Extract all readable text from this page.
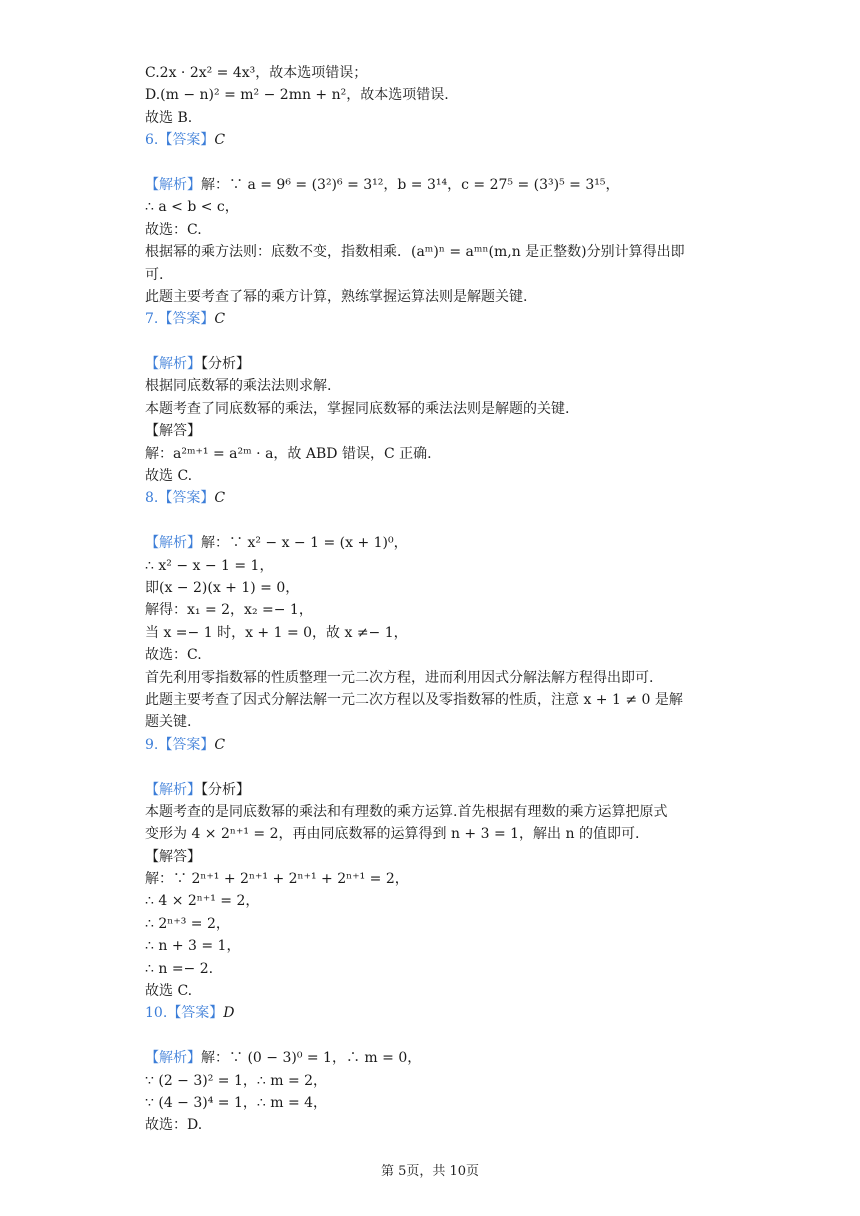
C.2x · 2x² = 4x³，故本选项错误；
D.(m − n)² = m² − 2mn + n²，故本选项错误.
故选 B.
6.【答案】C
【解析】解：∵ a = 9⁶ = (3²)⁶ = 3¹²，b = 3¹⁴，c = 27⁵ = (3³)⁵ = 3¹⁵，
∴ a < b < c，
故选：C.
根据幂的乘方法则：底数不变，指数相乘．(aᵐ)ⁿ = aᵐⁿ(m,n 是正整数)分别计算得出即
可.
此题主要考查了幂的乘方计算，熟练掌握运算法则是解题关键.
7.【答案】C
【解析】【分析】
根据同底数幂的乘法法则求解.
本题考查了同底数幂的乘法，掌握同底数幂的乘法法则是解题的关键.
【解答】
解：a²ᵐ⁺¹ = a²ᵐ · a，故 ABD 错误，C 正确.
故选 C.
8.【答案】C
【解析】解：∵ x² − x − 1 = (x + 1)⁰，
∴ x² − x − 1 = 1，
即(x − 2)(x + 1) = 0，
解得：x₁ = 2，x₂ =− 1，
当 x =− 1 时，x + 1 = 0，故 x ≠− 1，
故选：C.
首先利用零指数幂的性质整理一元二次方程，进而利用因式分解法解方程得出即可.
此题主要考查了因式分解法解一元二次方程以及零指数幂的性质，注意 x + 1 ≠ 0 是解
题关键.
9.【答案】C
【解析】【分析】
本题考查的是同底数幂的乘法和有理数的乘方运算.首先根据有理数的乘方运算把原式
变形为 4 × 2ⁿ⁺¹ = 2，再由同底数幂的运算得到 n + 3 = 1，解出 n 的值即可.
【解答】
解：∵ 2ⁿ⁺¹ + 2ⁿ⁺¹ + 2ⁿ⁺¹ + 2ⁿ⁺¹ = 2，
∴ 4 × 2ⁿ⁺¹ = 2，
∴ 2ⁿ⁺³ = 2，
∴ n + 3 = 1，
∴ n =− 2.
故选 C.
10.【答案】D
【解析】解：∵ (0 − 3)⁰ = 1，∴ m = 0，
∵ (2 − 3)² = 1，∴ m = 2，
∵ (4 − 3)⁴ = 1，∴ m = 4，
故选：D.
第 5页，共 10页
